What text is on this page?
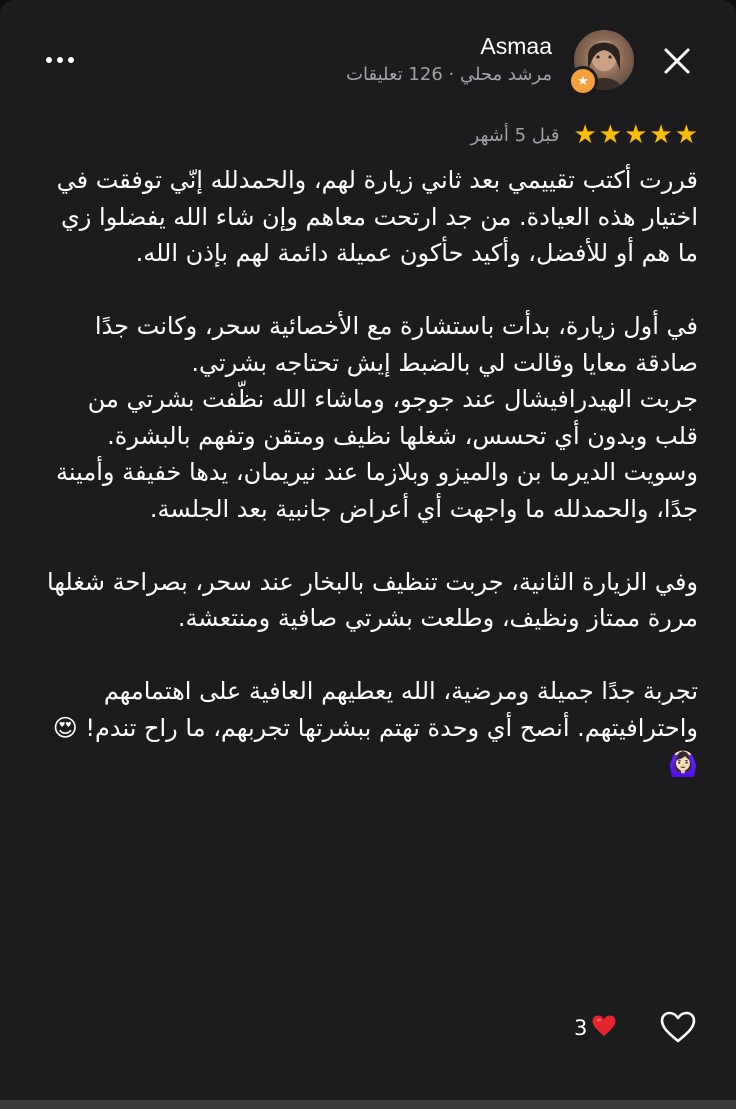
★
Asmaa
مرشد محلي · 126 تعليقات
★ ★ ★ ★ ★
قبل 5 أشهر

قررت أكتب تقييمي بعد ثاني زيارة لهم، والحمدلله إنّي توفقت في اختيار هذه العيادة. من جد ارتحت معاهم وإن شاء الله يفضلوا زي ما هم أو للأفضل، وأكيد حأكون عميلة دائمة لهم بإذن الله.

في أول زيارة، بدأت باستشارة مع الأخصائية سحر، وكانت جدًا صادقة معايا وقالت لي بالضبط إيش تحتاجه بشرتي.

جربت الهيدرافيشال عند جوجو، وماشاء الله نظّفت بشرتي من قلب وبدون أي تحسس، شغلها نظيف ومتقن وتفهم بالبشرة.

وسويت الديرما بن والميزو وبلازما عند نيريمان، يدها خفيفة وأمينة جدًا، والحمدلله ما واجهت أي أعراض جانبية بعد الجلسة.

وفي الزيارة الثانية، جربت تنظيف بالبخار عند سحر، بصراحة شغلها مررة ممتاز ونظيف، وطلعت بشرتي صافية ومنتعشة.

تجربة جدًا جميلة ومرضية، الله يعطيهم العافية على اهتمامهم واحترافيتهم. أنصح أي وحدة تهتم ببشرتها تجربهم، ما راح تندم! 😍🙆🏻‍♀️

3
